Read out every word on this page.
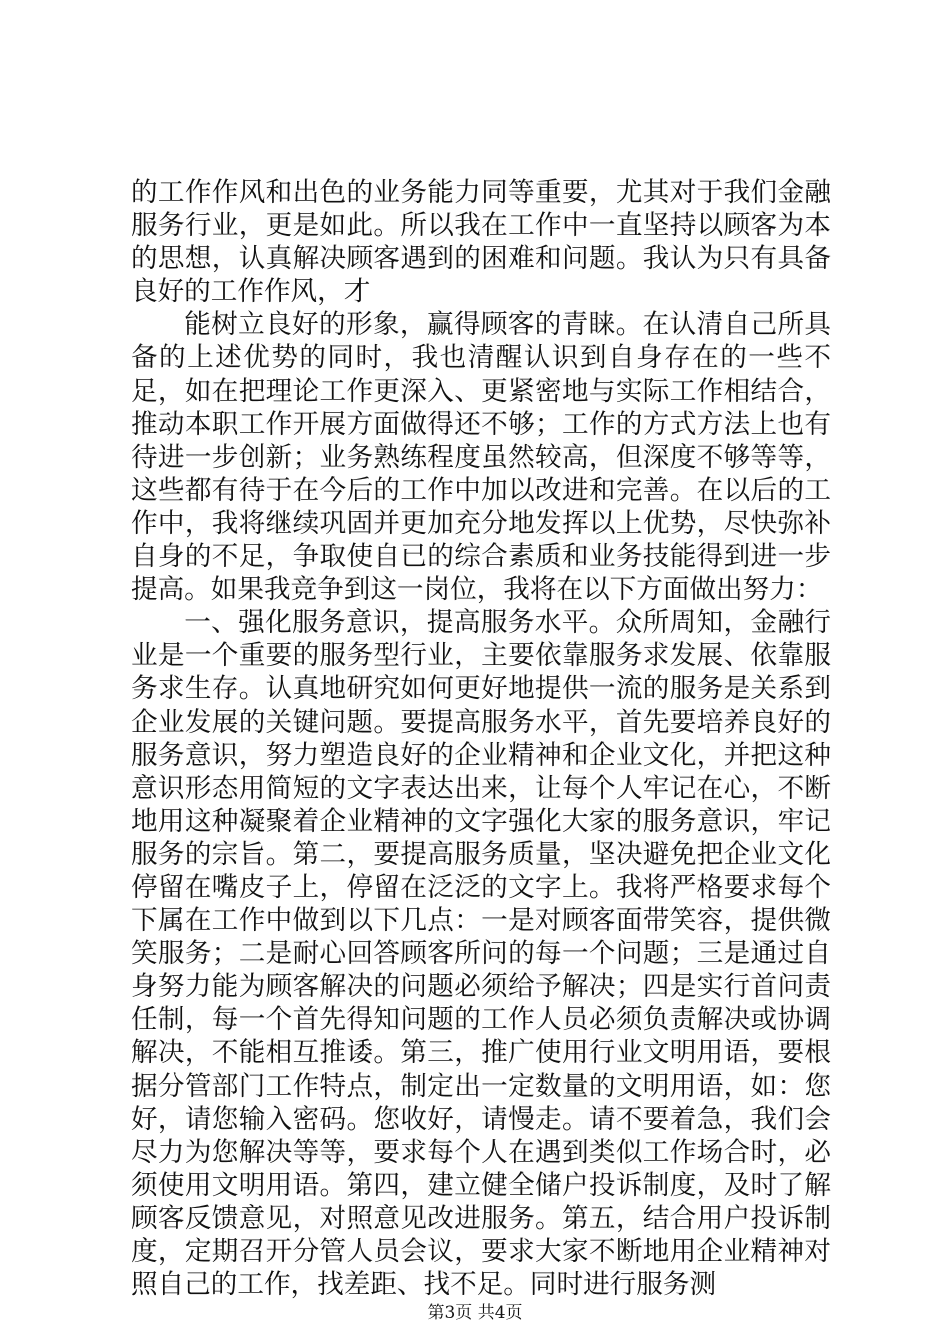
的工作作风和出色的业务能力同等重要，尤其对于我们金融服务行业，更是如此。所以我在工作中一直坚持以顾客为本的思想，认真解决顾客遇到的困难和问题。我认为只有具备良好的工作作风，才

能树立良好的形象，赢得顾客的青睐。在认清自己所具备的上述优势的同时，我也清醒认识到自身存在的一些不足，如在把理论工作更深入、更紧密地与实际工作相结合，推动本职工作开展方面做得还不够；工作的方式方法上也有待进一步创新；业务熟练程度虽然较高，但深度不够等等，这些都有待于在今后的工作中加以改进和完善。在以后的工作中，我将继续巩固并更加充分地发挥以上优势，尽快弥补自身的不足，争取使自已的综合素质和业务技能得到进一步提高。如果我竞争到这一岗位，我将在以下方面做出努力：

一、强化服务意识，提高服务水平。众所周知，金融行业是一个重要的服务型行业，主要依靠服务求发展、依靠服务求生存。认真地研究如何更好地提供一流的服务是关系到企业发展的关键问题。要提高服务水平，首先要培养良好的服务意识，努力塑造良好的企业精神和企业文化，并把这种意识形态用简短的文字表达出来，让每个人牢记在心，不断地用这种凝聚着企业精神的文字强化大家的服务意识，牢记服务的宗旨。第二，要提高服务质量，坚决避免把企业文化停留在嘴皮子上，停留在泛泛的文字上。我将严格要求每个下属在工作中做到以下几点：一是对顾客面带笑容，提供微笑服务；二是耐心回答顾客所问的每一个问题；三是通过自身努力能为顾客解决的问题必须给予解决；四是实行首问责任制，每一个首先得知问题的工作人员必须负责解决或协调解决，不能相互推诿。第三，推广使用行业文明用语，要根据分管部门工作特点，制定出一定数量的文明用语，如：您好，请您输入密码。您收好，请慢走。请不要着急，我们会尽力为您解决等等，要求每个人在遇到类似工作场合时，必须使用文明用语。第四，建立健全储户投诉制度，及时了解顾客反馈意见，对照意见改进服务。第五，结合用户投诉制度，定期召开分管人员会议，要求大家不断地用企业精神对照自己的工作，找差距、找不足。同时进行服务测

第3页 共4页
